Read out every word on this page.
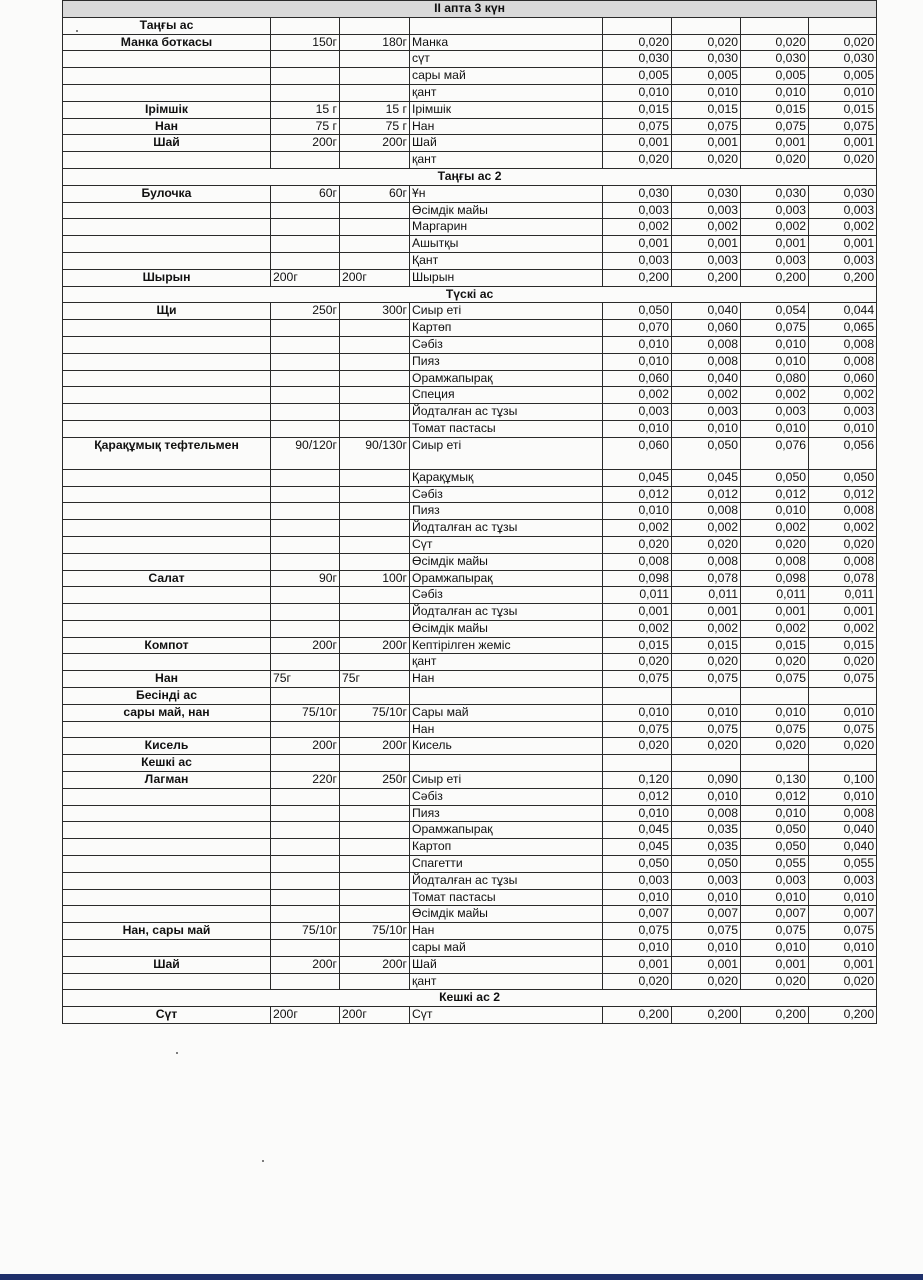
II апта 3 күн							
Таңғы ас							
Манка боткасы	150г	180г	Манка	0,020	0,020	0,020	0,020
			сүт	0,030	0,030	0,030	0,030
			сары май	0,005	0,005	0,005	0,005
			қант	0,010	0,010	0,010	0,010
Ірімшік	15 г	15 г	Ірімшік	0,015	0,015	0,015	0,015
Нан	75 г	75 г	Нан	0,075	0,075	0,075	0,075
Шай	200г	200г	Шай	0,001	0,001	0,001	0,001
			қант	0,020	0,020	0,020	0,020
Таңғы ас 2							
Булочка	60г	60г	Ұн	0,030	0,030	0,030	0,030
			Өсімдік майы	0,003	0,003	0,003	0,003
			Маргарин	0,002	0,002	0,002	0,002
			Ашытқы	0,001	0,001	0,001	0,001
			Қант	0,003	0,003	0,003	0,003
Шырын	200г	200г	Шырын	0,200	0,200	0,200	0,200
Түскі ас							
Щи	250г	300г	Сиыр еті	0,050	0,040	0,054	0,044
			Картөп	0,070	0,060	0,075	0,065
			Сәбіз	0,010	0,008	0,010	0,008
			Пияз	0,010	0,008	0,010	0,008
			Орамжапырақ	0,060	0,040	0,080	0,060
			Специя	0,002	0,002	0,002	0,002
			Йодталған ас тұзы	0,003	0,003	0,003	0,003
			Томат пастасы	0,010	0,010	0,010	0,010
Қарақұмық тефтельмен	90/120г	90/130г	Сиыр еті	0,060	0,050	0,076	0,056
			Қарақұмық	0,045	0,045	0,050	0,050
			Сәбіз	0,012	0,012	0,012	0,012
			Пияз	0,010	0,008	0,010	0,008
			Йодталған ас тұзы	0,002	0,002	0,002	0,002
			Сүт	0,020	0,020	0,020	0,020
			Өсімдік майы	0,008	0,008	0,008	0,008
Салат	90г	100г	Орамжапырақ	0,098	0,078	0,098	0,078
			Сәбіз	0,011	0,011	0,011	0,011
			Йодталған ас тұзы	0,001	0,001	0,001	0,001
			Өсімдік майы	0,002	0,002	0,002	0,002
Компот	200г	200г	Кептірілген жеміс	0,015	0,015	0,015	0,015
			қант	0,020	0,020	0,020	0,020
Нан	75г	75г	Нан	0,075	0,075	0,075	0,075
Бесінді ас							
сары май, нан	75/10г	75/10г	Сары май	0,010	0,010	0,010	0,010
			Нан	0,075	0,075	0,075	0,075
Кисель	200г	200г	Кисель	0,020	0,020	0,020	0,020
Кешкі ас							
Лагман	220г	250г	Сиыр еті	0,120	0,090	0,130	0,100
			Сәбіз	0,012	0,010	0,012	0,010
			Пияз	0,010	0,008	0,010	0,008
			Орамжапырақ	0,045	0,035	0,050	0,040
			Картоп	0,045	0,035	0,050	0,040
			Спагетти	0,050	0,050	0,055	0,055
			Йодталған ас тұзы	0,003	0,003	0,003	0,003
			Томат пастасы	0,010	0,010	0,010	0,010
			Өсімдік майы	0,007	0,007	0,007	0,007
Нан, сары май	75/10г	75/10г	Нан	0,075	0,075	0,075	0,075
			сары май	0,010	0,010	0,010	0,010
Шай	200г	200г	Шай	0,001	0,001	0,001	0,001
			қант	0,020	0,020	0,020	0,020
Кешкі ас 2							
Сүт	200г	200г	Сүт	0,200	0,200	0,200	0,200
